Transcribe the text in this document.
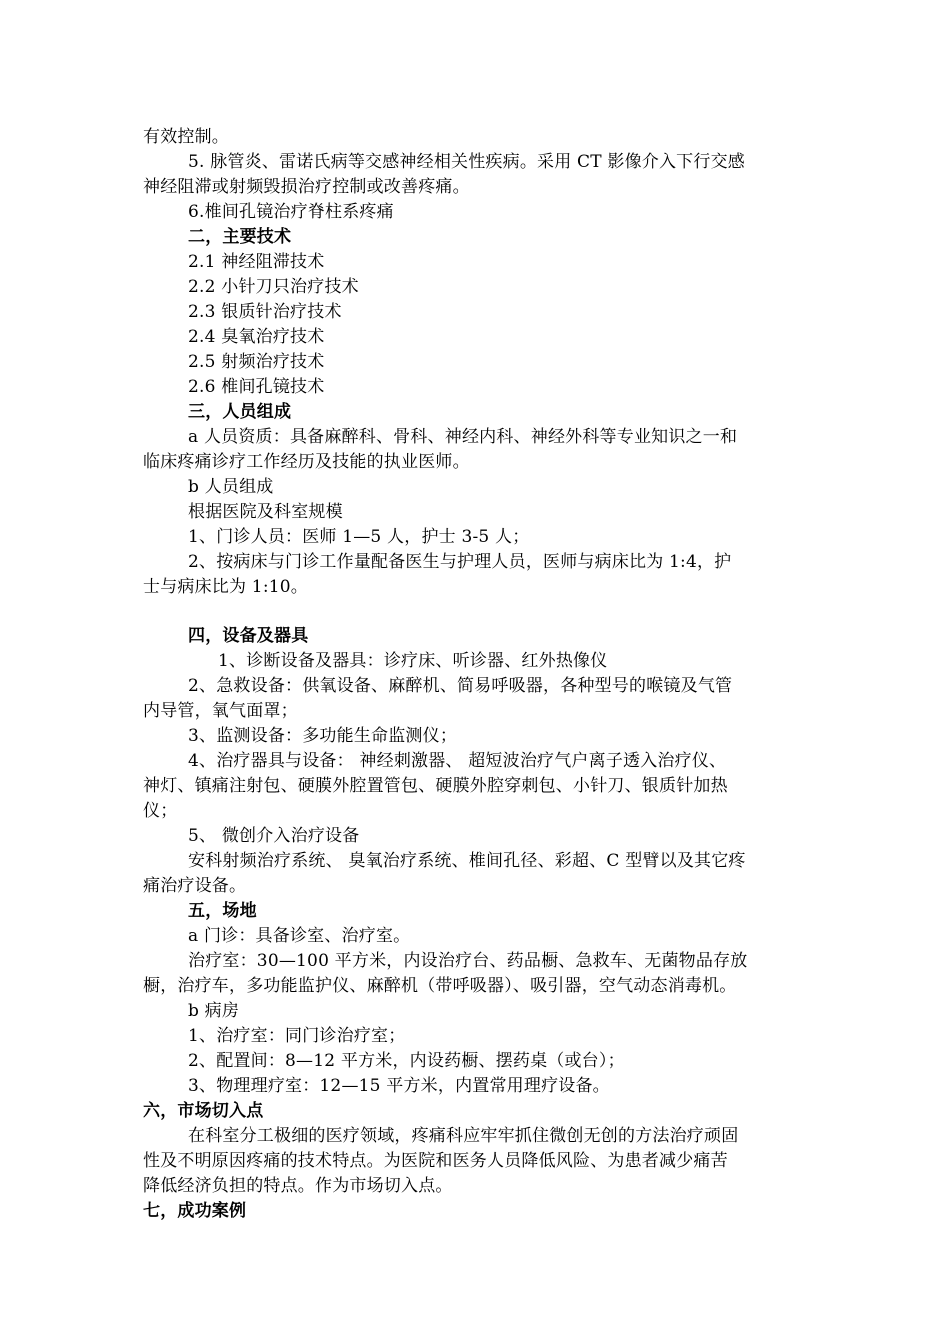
有效控制。
5. 脉管炎、雷诺氏病等交感神经相关性疾病。采用 CT 影像介入下行交感
神经阻滞或射频毁损治疗控制或改善疼痛。
6.椎间孔镜治疗脊柱系疼痛
二，主要技术
2.1 神经阻滞技术
2.2 小针刀只治疗技术
2.3 银质针治疗技术
2.4 臭氧治疗技术
2.5 射频治疗技术
2.6 椎间孔镜技术
三，人员组成
a 人员资质：具备麻醉科、骨科、神经内科、神经外科等专业知识之一和
临床疼痛诊疗工作经历及技能的执业医师。
b 人员组成
根据医院及科室规模
1、门诊人员：医师 1—5 人，护士 3-5 人；
2、按病床与门诊工作量配备医生与护理人员，医师与病床比为 1:4，护
士与病床比为 1:10。
四，设备及器具
1、诊断设备及器具：诊疗床、听诊器、红外热像仪
2、急救设备：供氧设备、麻醉机、简易呼吸器，各种型号的喉镜及气管
内导管，氧气面罩；
3、监测设备：多功能生命监测仪；
4、治疗器具与设备： 神经刺激器、 超短波治疗气户离子透入治疗仪、
神灯、镇痛注射包、硬膜外腔置管包、硬膜外腔穿刺包、小针刀、银质针加热
仪；
5、 微创介入治疗设备
安科射频治疗系统、 臭氧治疗系统、椎间孔径、彩超、C 型臂以及其它疼
痛治疗设备。
五，场地
a 门诊：具备诊室、治疗室。
治疗室：30—100 平方米，内设治疗台、药品橱、急救车、无菌物品存放
橱，治疗车，多功能监护仪、麻醉机（带呼吸器）、吸引器，空气动态消毒机。
b 病房
1、治疗室：同门诊治疗室；
2、配置间：8—12 平方米，内设药橱、摆药桌（或台）；
3、物理理疗室：12—15 平方米，内置常用理疗设备。
六，市场切入点
在科室分工极细的医疗领域，疼痛科应牢牢抓住微创无创的方法治疗顽固
性及不明原因疼痛的技术特点。为医院和医务人员降低风险、为患者减少痛苦
降低经济负担的特点。作为市场切入点。
七，成功案例
